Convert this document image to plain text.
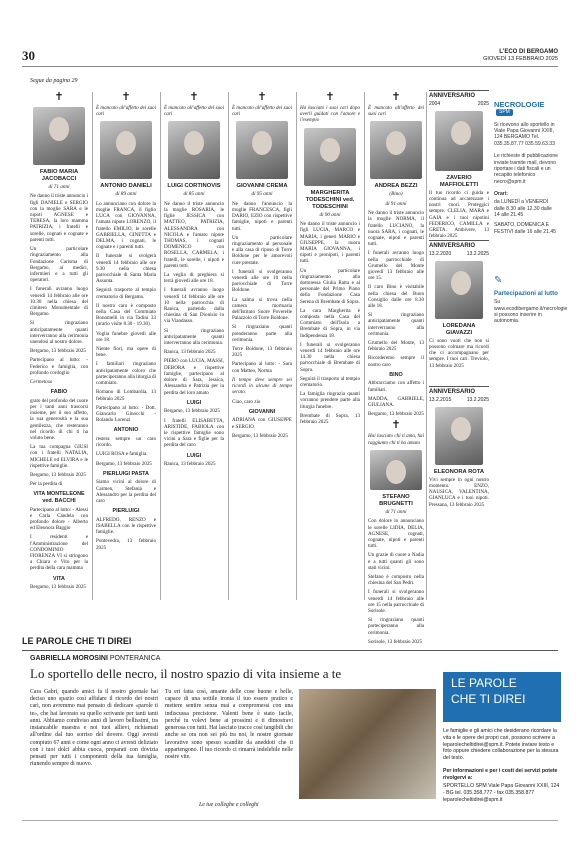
30	L'ECO DI BERGAMO
GIOVEDÌ 13 FEBBRAIO 2025
Segue da pagina 29
✝
FABIO MARIA JACOBACCI
di 71 anni

Ne danno il triste annuncio i figli DANIELE e SERGIO con la moglie SARA e le nipoti AGNESE e TERESA, la loro mamma PATRIZIA, i fratelli e sorelle, cognati e cognate e parenti tutti.

Un particolare ringraziamento alla Fondazione Carisma di Bergamo, ai medici, infermieri e a tutti gli operatori.

I funerali avranno luogo venerdì 14 febbraio alle ore 10.30 nella chiesa del cimitero Monumentale di Bergamo.

Si ringraziano anticipatamente quanti interverranno alla cerimonia unendosi al nostro dolore.

Bergamo, 13 febbraio 2025

Partecipano al lutto: - Federico e famiglia, con profondo cordoglio

Cerinetoso

FABIO

grato del profondo del cuore per i tanti anni trascorsi insieme, per il suo affetto, la sua generosità e la sua gentilezza, che resteranno nel ricordo di chi ti ha voluto bene.

La tua compagna GIUSI con i fratelli NATALIA, MICHELE ed ELVIRA e le rispettive famiglie.

Bergamo, 13 febbraio 2025

Per la perdita di

VITA MONTELEONE ved. BACCHI

Partecipano al lutto: - Alessi e Carla Candela con profondo dolore - Alberto ed Eleonora Baggio

I residenti e l'Amministrazione del CONDOMINIO FIORENZA VI si stringono a Chiara e Vito per la perdita della cara mamma

VITA

Bergamo, 13 febbraio 2025

✝

È mancato all'affetto dei suoi cari

ANTONIO DANIELI
di 89 anni

Lo annunciano con dolore la moglie FRANCA, il figlio LUCA con GIOVANNA, l'amata nipote LORENZO, il fratello EMILIO, le sorelle GABRIELLA, GINETTA e DELMA, i cognati, le cognate e i parenti tutti.

Il funerale si svolgerà venerdì 14 febbraio alle ore 9.30 nella chiesa parrocchiale di Santa Maria Assunta.

Seguirà trasporto al tempio crematorio di Bergamo.

Il nostro caro è composto nella Casa del Commiato Bonomelli in via Tadini 33 (orario visite 8.30 - 19.30).

Voglia funebre giovedì alle ore 18.

Niente fiori, ma opere di bene.

I familiari ringraziano anticipatamente coloro che parteciperanno alla liturgia di commiato.

Romano di Lombardia, 13 febbraio 2025

Partecipano al lutto: - Dott. Giancarlo Ginocchi - Rolando Lorenzi

ANTONIO

restera sempre un caro ricordo.

LUIGI ROSA e famiglia.

Bergamo, 13 febbraio 2025

PIERLUIGI PASTA

Siamo vicini al dolore di Carmen, Stefania e Alessandro per la perdita del caro

PIERLUIGI

ALFREDO, RENZO e ISABELLA con le rispettive famiglie.

Pontevedra, 13 febbraio 2025

✝

È mancato all'affetto dei suoi cari

LUIGI CORTINOVIS
di 85 anni

Ne danno il triste annuncio la moglie ROSARIA, le figlie JESSICA con MATTEO, PATRIZIA, ALESSANDRA con NICOLA e l'amato nipote THOMAS, i cognati DOMENICO con ROSELLA, CARMELA, i fratelli, le sorelle, i nipoti e parenti tutti.

La veglia di preghiera si terrà giovedì alle ore 18.

I funerali avranno luogo venerdì 14 febbraio alle ore 10 nella parrocchia di Ranica, partendo dalla chiesina di San Dionisio in via Viandasso.

Si ringraziano anticipatamente quanti interverranno alla cerimonia.

Ranica, 13 febbraio 2025

PIERO con LUCIA, MASSI, DEBORA e rispettive famiglie, partecipano al dolore di Sara, Jessica, Alessandra e Patrizia per la perdita del loro amato

LUIGI

Bergamo, 13 febbraio 2025

I fratelli ELISABETTA, ARISTIDE, FABIOLA con le rispettive famiglie sono vicini a Sara e figlie per la perdita del caro

LUIGI

Ranica, 13 febbraio 2025

✝

È mancato all'affetto dei suoi cari

GIOVANNI CREMA
di 95 anni

Ne danno l'annuncio la moglie FRANCESCA, figli DARIO, EZIO con rispettive famiglie, nipoti e parenti tutti.

Un particolare ringraziamento al personale e alla casa di riposo di Torre Boldone per le amorevoli cure prestate.

I funerali si svolgeranno venerdì alle ore 10 nella parrocchiale di Torre Boldone.

La salma si trova nella camera mortuaria dell'Istituto Suore Poverelle Palazzolo di Torre Boldone.

Si ringraziano quanti prenderanno parte alla cerimonia.

Torre Boldone, 13 febbraio 2025

Partecipano al lutto: - Sara con Matteo, Norma

Il tempo deve sempre sei ricordi in alcune di tempo serato.

Ciao, caro zio

GIOVANNI

ADRIANA con GIUSEPPE e SERGIO.

Bergamo, 13 febbraio 2025

✝

Ha lasciato i suoi cari dopo averli guidati con l'amore e l'esempio

MARGHERITA TODESCHINI ved. TODESCHINI
di 90 anni

Ne danno il triste annuncio i figli LUCIA, MARCO e MARIA, i generi MARIO e GIUSEPPE, la nuora MARIA GIOVANNA, i nipoti e pronipoti, i parenti tutti.

Un particolare ringraziamento alla dottoressa Giulia Ratta e al personale del Primo Piano della Fondazione Casa Serena di Brembate di Sopra.

La cara Margherita è composta nella Casa del Commiato dell'Isola a Brembate di Sopra, in via Indipendenza 18.

I funerali si svolgeranno venerdì 14 febbraio alle ore 14.30 nella chiesa parrocchiale di Brembate di Sopra.

Seguirà il trasporto al tempio crematorio.

La famiglia ringrazia quanti vorranno prendere parte alla liturgia funebre.

Brembate di Sopra, 13 febbraio 2025

✝

È mancato all'affetto dei suoi cari

ANDREA BEZZI
(Bino)
di 91 anni

Ne danno il triste annuncio la moglie NORMA, il fratello LUCIANO, la nuora SARA, i cognati, le cognate, nipoti e parenti tutti.

I funerali avranno luogo nella parrocchiale di Grumello del Monte giovedì 13 febbraio alle ore 15.

Il caro Bino è visitabile nella chiesa del Buon Consiglio dalle ore 8.30 alle 18.

Si ringraziano anticipatamente quanti interverranno alla cerimonia.

Grumello del Monte, 13 febbraio 2025

Ricorderemo sempre il nostro caro

BINO

Abbracciamo con affetto i familiari.

MADDA, GABRIELE, GIULIANA.

Bergamo, 13 febbraio 2025

✝

Hai lasciato chi ti ama, hai raggiunto chi ti ha amato

STEFANO BRUGNETTI
di 71 anni

Con dolore lo annunciano le sorelle LIDIA, DELIA, AGNESE, cognati, cognate, nipoti e parenti tutti.

Un grazie di cuore a Nadia e a tutti quanti gli sono stati vicini.

Stefano è composto nella chiesina del San Pedri.

I funerali si svolgeranno venerdì 14 febbraio alle ore 15 nella parrocchiale di Sorisole.

Si ringraziano quanti parteciperanno alla cerimonia.

Sorisole, 13 febbraio 2025

ANNIVERSARIO
2004	2025
ZAVERIO MAFFIOLETTI

Il tuo ricordo ci guida e continua ad accarezzare i nostri cuori. Proteggici sempre. CLELIA, MARA e GAIA e i tuoi nipotini FEDERICO, CAMILLA e GRETA. Ambivere, 13 febbraio 2025

ANNIVERSARIO
13.2.2020	13.2.2025
LOREDANA GIAVAZZI

Ci sono vuoti che non si possono colmare ma ricordi che ci accompagnano per sempre. I tuoi cari. Treviolo, 13 febbraio 2025

ANNIVERSARIO
13.2.2015	13.2.2025
ELEONORA ROTA

Vivi sempre in ogni nostro momento. ENZO, NAUSICA, VALENTINA, GIANLUCA e i tuoi nipoti. Pressana, 13 febbraio 2025

NECROLOGIESPM

Si ricevono allo sportello in Viale Papa Giovanni XXIII, 124 BERGAMO Tel. 035.35.87.77 035.59.63.33

Le richieste di pubblicazione inviate tramite mail, devono riportare i dati fiscali e un recapito telefonico necro@spm.it

Orari:

da LUNEDÌ a VENERDÌ dalle 8.30 alle 12.30 dalle 14 alle 21.45

SABATO, DOMENICA E FESTIVI dalle 16 alle 21.45

✎

Partecipazioni al lutto

Su www.ecodibergamo.it/necrologie si possono inserire in autonomia.

LE PAROLE CHE TI DIREI
GABRIELLA MOROSINI PONTERANICA
Lo sportello delle necro, il nostro spazio di vita insieme a te
Cara Gabri, quando amici fa il nostro giornale hai deciso uno spazio così affidare il ricordo dei nostri cari, non avremmo mai pensato di dedicare «parole ti te», che hai lavorato su quello scrivanie per tanti tanti anni. Abbiamo condiviso anni di lavoro bellissimi, tra instancabile maestra e noi tuoi allievi, richiamati all'ordine dal tuo sorriso del dovere. Oggi avresti compiuto 67 anni e come ogni anno ci avresti deliziato con i tuoi dolci abbia cuoca, preparati con dovizia pensati per tutti i componenti della tua famiglia, riunendo sempre di nuovo.
Tu eri fatta così, amante delle cose buone e belle, capace di una sottile ironia il tuo essere pratico e mettere sentire senza mai a compromessi con una indiscussa precisione. Valenti bene è stato facile, perché tu volevi bene ai prossimi e ti dimostravi generosa con tutti. Hai lasciato tracce così tangibili che anche se ora non sei più tra noi, le nostre giornate lavorative sono spesso scandite da aneddoti che ti appartengono. Il tuo ricordo ci rimarrà indelebile nelle nostre vite.
Le tue colleghe e colleghi
LE PAROLE
CHE TI DIREI

Le famiglie e gli amici che desiderano ricordare la vita e le opere dei propri cari, possono scrivere a leparolecheltidirei@spm.it. Potete inviare testo e foto oppure chiedere collaborazione per la stesura del testo.

Per informazioni e per i costi dei servizi potete rivolgervi a:

SPORTELLO SPM Viale Papa Giovanni XXIII, 124 - BG tel. 035.358.777 - fax 035.358.877 leparolecheltidirei@spm.it
